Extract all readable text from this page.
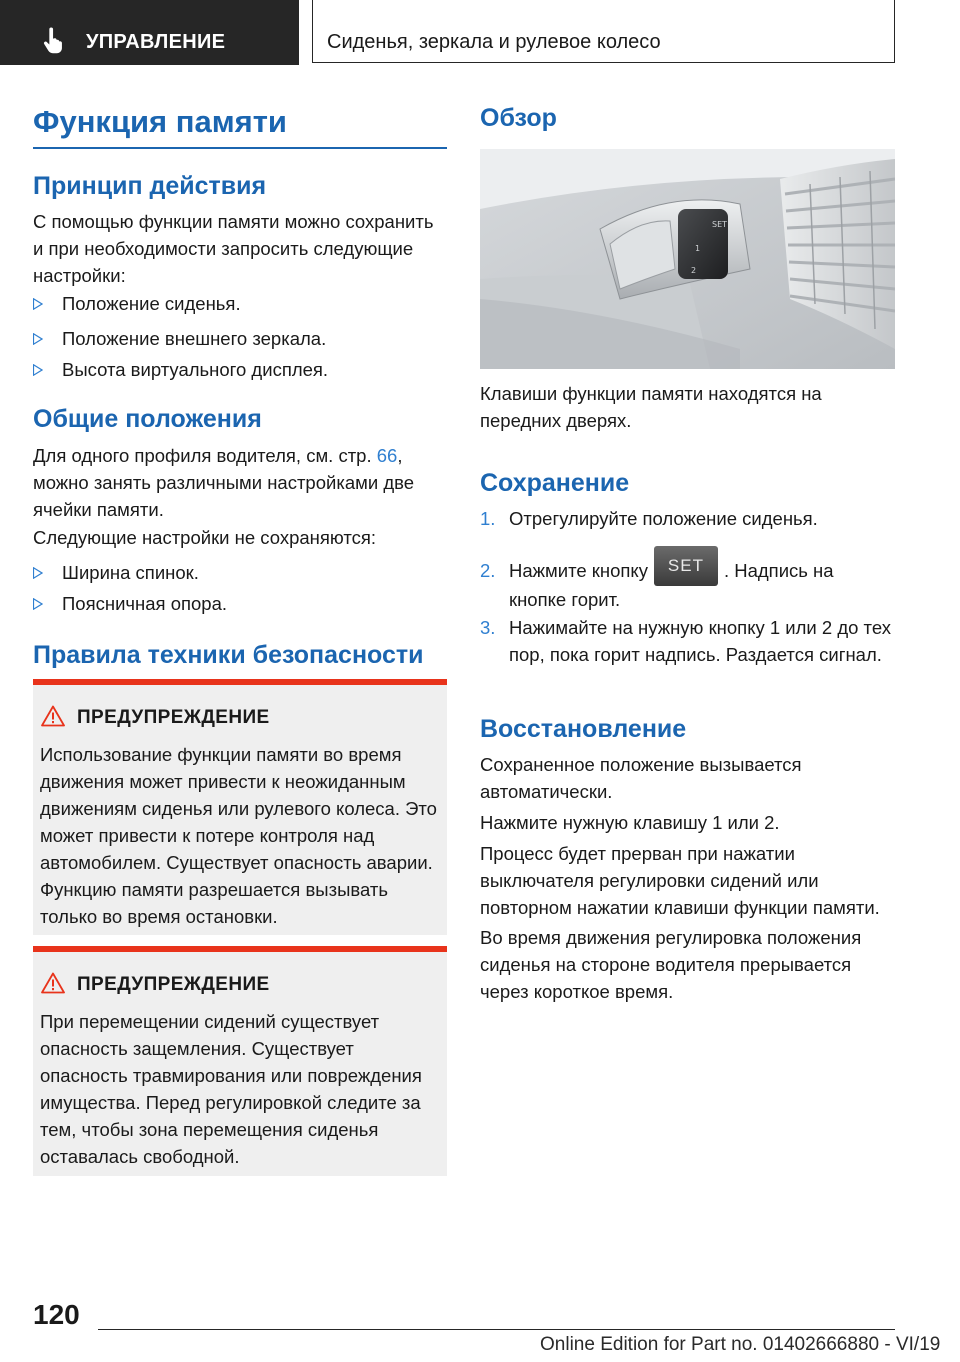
УПРАВЛЕНИЕ	Сиденья, зеркала и рулевое колесо
Функция памяти
Принцип действия

С помощью функции памяти можно сохранить и при необходимости запросить следующие настройки:

Положение сиденья.
Положение внешнего зеркала.
Высота виртуального дисплея.
Общие положения

Для одного профиля водителя, см. стр. 66, можно занять различными настройками две ячейки памяти.

Следующие настройки не сохраняются:

Ширина спинок.
Поясничная опора.
Правила техники безопасности
ПРЕДУПРЕЖДЕНИЕ

Использование функции памяти во время движения может привести к неожиданным движениям сиденья или рулевого колеса. Это может привести к потере контроля над автомобилем. Существует опасность аварии. Функцию памяти разрешается вызывать только во время остановки.

ПРЕДУПРЕЖДЕНИЕ

При перемещении сидений существует опасность защемления. Существует опасность травмирования или повреждения имущества. Перед регулировкой следите за тем, чтобы зона перемещения сиденья оставалась свободной.

Обзор
SET
1
2

Клавиши функции памяти находятся на передних дверях.

Сохранение
1. Отрегулируйте положение сиденья.
2. Нажмите кнопку SET . Надпись на кнопке горит.
3. Нажимайте на нужную кнопку 1 или 2 до тех пор, пока горит надпись. Раздается сигнал.
Восстановление

Сохраненное положение вызывается автоматически.

Нажмите нужную клавишу 1 или 2.

Процесс будет прерван при нажатии выключателя регулировки сидений или повторном нажатии клавиши функции памяти.

Во время движения регулировка положения сиденья на стороне водителя прерывается через короткое время.

120
Online Edition for Part no. 01402666880 - VI/19
